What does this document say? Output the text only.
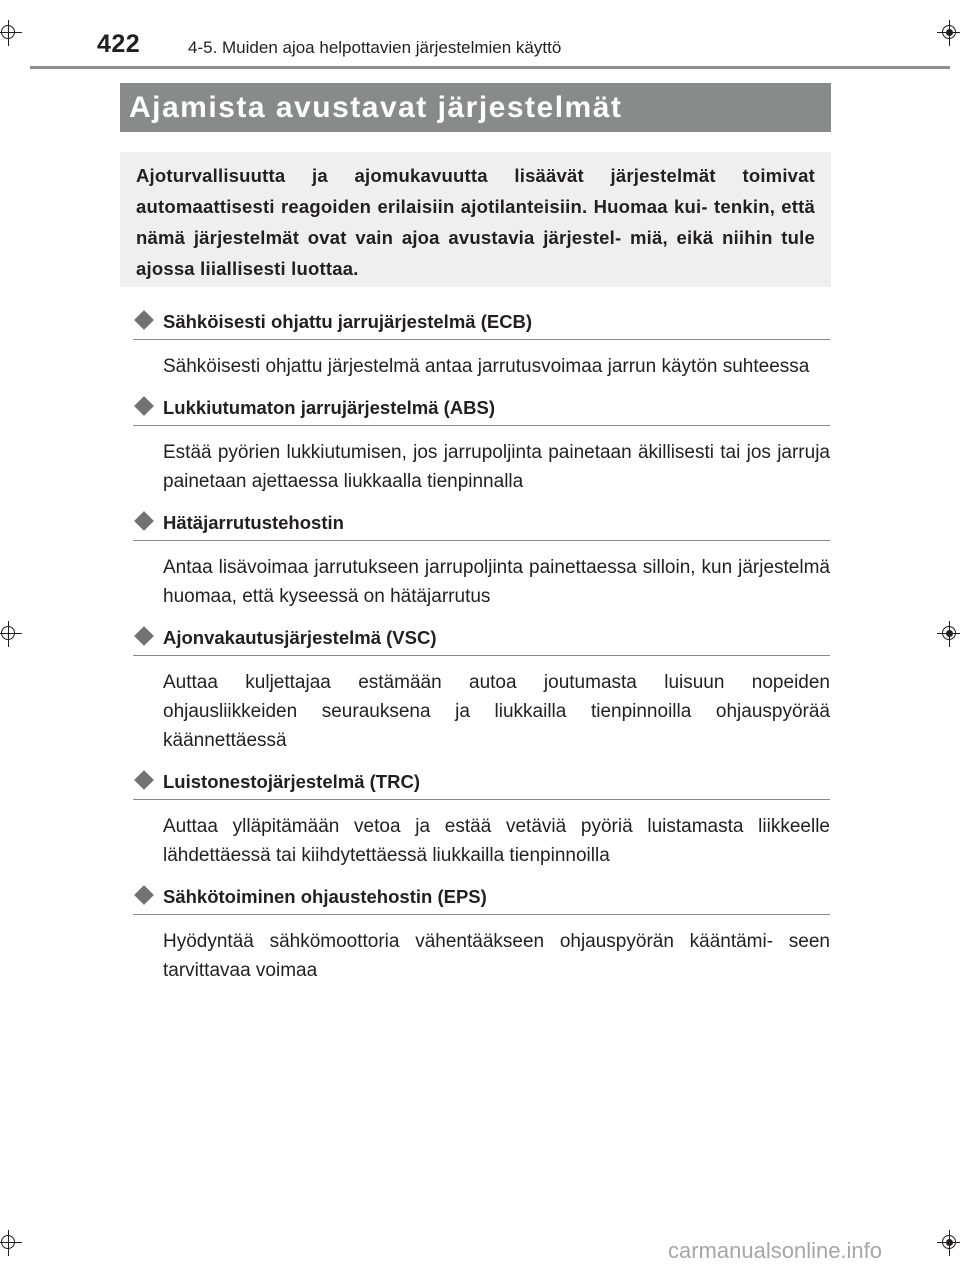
422	4-5. Muiden ajoa helpottavien järjestelmien käyttö
Ajamista avustavat järjestelmät

Ajoturvallisuutta ja ajomukavuutta lisäävät järjestelmät toimivat automaattisesti reagoiden erilaisiin ajotilanteisiin. Huomaa kui- tenkin, että nämä järjestelmät ovat vain ajoa avustavia järjestel- miä, eikä niihin tule ajossa liiallisesti luottaa.

Sähköisesti ohjattu jarrujärjestelmä (ECB)
Sähköisesti ohjattu järjestelmä antaa jarrutusvoimaa jarrun käytön suhteessa
Lukkiutumaton jarrujärjestelmä (ABS)
Estää pyörien lukkiutumisen, jos jarrupoljinta painetaan äkillisesti tai jos jarruja painetaan ajettaessa liukkaalla tienpinnalla
Hätäjarrutustehostin
Antaa lisävoimaa jarrutukseen jarrupoljinta painettaessa silloin, kun järjestelmä huomaa, että kyseessä on hätäjarrutus
Ajonvakautusjärjestelmä (VSC)
Auttaa kuljettajaa estämään autoa joutumasta luisuun nopeiden ohjausliikkeiden seurauksena ja liukkailla tienpinnoilla ohjauspyörää käännettäessä
Luistonestojärjestelmä (TRC)
Auttaa ylläpitämään vetoa ja estää vetäviä pyöriä luistamasta liikkeelle lähdettäessä tai kiihdytettäessä liukkailla tienpinnoilla
Sähkötoiminen ohjaustehostin (EPS)
Hyödyntää sähkömoottoria vähentääkseen ohjauspyörän kääntämi- seen tarvittavaa voimaa
carmanualsonline.info
